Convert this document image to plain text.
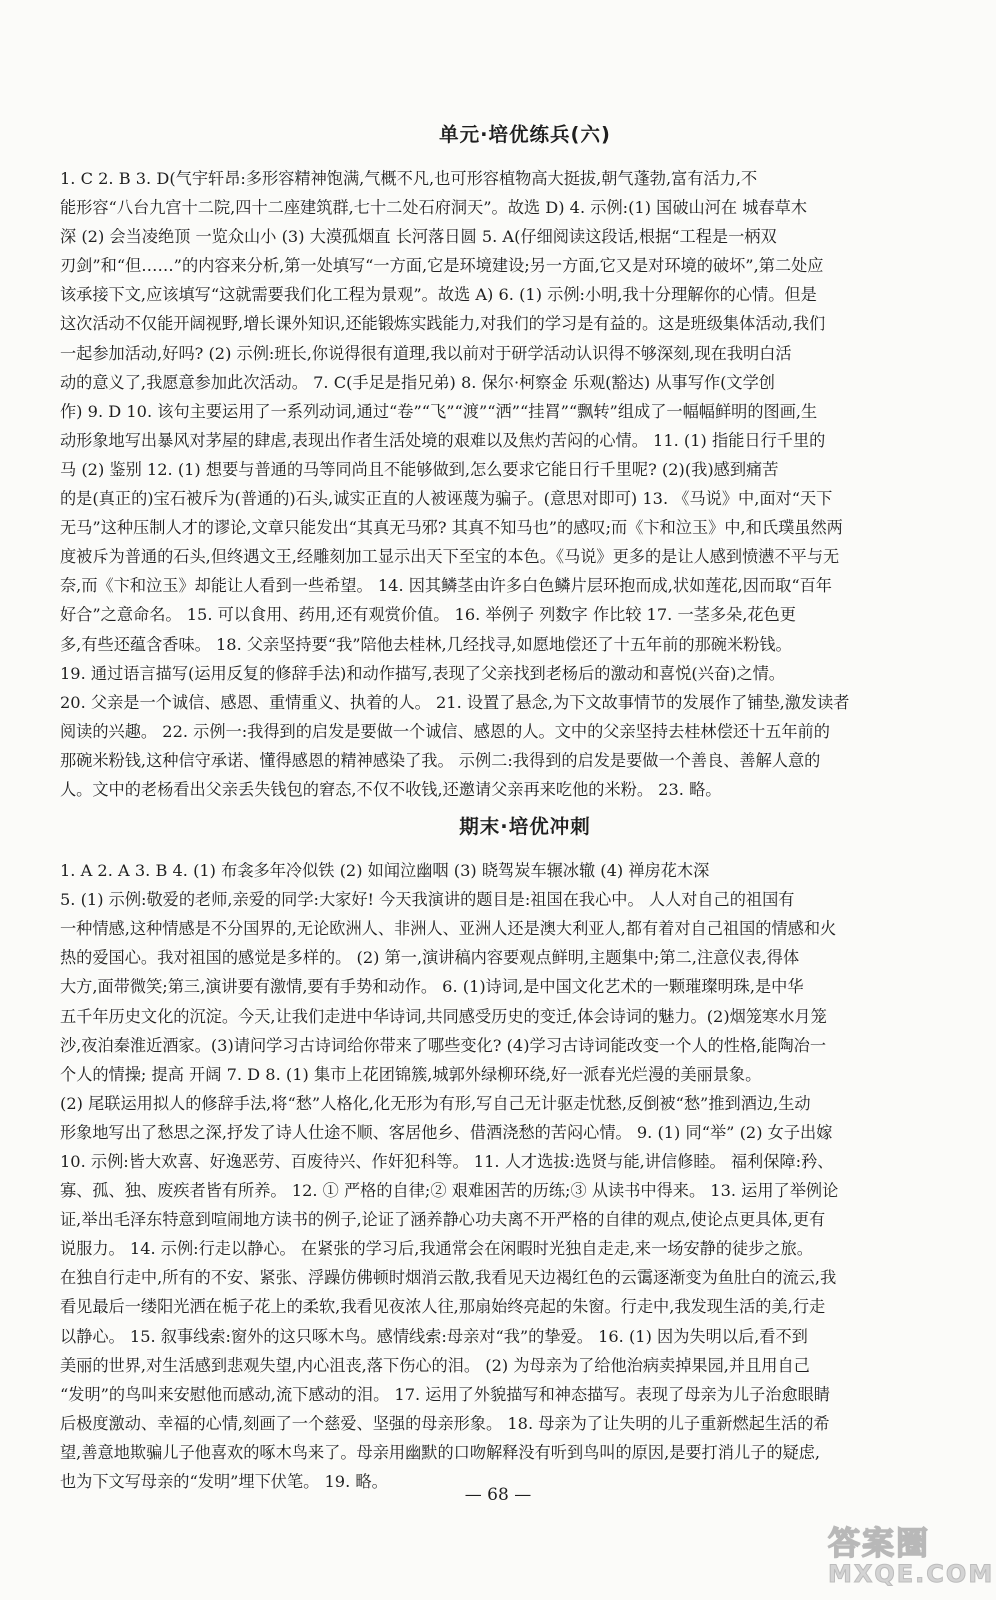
单元·培优练兵(六)
1. C 2. B 3. D(气宇轩昂:多形容精神饱满,气概不凡,也可形容植物高大挺拔,朝气蓬勃,富有活力,不
能形容“八台九宫十二院,四十二座建筑群,七十二处石府洞天”。故选 D) 4. 示例:(1) 国破山河在 城春草木
深 (2) 会当凌绝顶 一览众山小 (3) 大漠孤烟直 长河落日圆 5. A(仔细阅读这段话,根据“工程是一柄双
刃剑”和“但……”的内容来分析,第一处填写“一方面,它是环境建设;另一方面,它又是对环境的破坏”,第二处应
该承接下文,应该填写“这就需要我们化工程为景观”。故选 A) 6. (1) 示例:小明,我十分理解你的心情。但是
这次活动不仅能开阔视野,增长课外知识,还能锻炼实践能力,对我们的学习是有益的。这是班级集体活动,我们
一起参加活动,好吗? (2) 示例:班长,你说得很有道理,我以前对于研学活动认识得不够深刻,现在我明白活
动的意义了,我愿意参加此次活动。 7. C(手足是指兄弟) 8. 保尔·柯察金 乐观(豁达) 从事写作(文学创
作) 9. D 10. 该句主要运用了一系列动词,通过“卷”“飞”“渡”“洒”“挂罥”“飘转”组成了一幅幅鲜明的图画,生
动形象地写出暴风对茅屋的肆虐,表现出作者生活处境的艰难以及焦灼苦闷的心情。 11. (1) 指能日行千里的
马 (2) 鉴别 12. (1) 想要与普通的马等同尚且不能够做到,怎么要求它能日行千里呢? (2)(我)感到痛苦
的是(真正的)宝石被斥为(普通的)石头,诚实正直的人被诬蔑为骗子。(意思对即可) 13. 《马说》中,面对“天下
无马”这种压制人才的谬论,文章只能发出“其真无马邪? 其真不知马也”的感叹;而《卞和泣玉》中,和氏璞虽然两
度被斥为普通的石头,但终遇文王,经雕刻加工显示出天下至宝的本色。《马说》更多的是让人感到愤懑不平与无
奈,而《卞和泣玉》却能让人看到一些希望。 14. 因其鳞茎由许多白色鳞片层环抱而成,状如莲花,因而取“百年
好合”之意命名。 15. 可以食用、药用,还有观赏价值。 16. 举例子 列数字 作比较 17. 一茎多朵,花色更
多,有些还蕴含香味。 18. 父亲坚持要“我”陪他去桂林,几经找寻,如愿地偿还了十五年前的那碗米粉钱。
19. 通过语言描写(运用反复的修辞手法)和动作描写,表现了父亲找到老杨后的激动和喜悦(兴奋)之情。
20. 父亲是一个诚信、感恩、重情重义、执着的人。 21. 设置了悬念,为下文故事情节的发展作了铺垫,激发读者
阅读的兴趣。 22. 示例一:我得到的启发是要做一个诚信、感恩的人。文中的父亲坚持去桂林偿还十五年前的
那碗米粉钱,这种信守承诺、懂得感恩的精神感染了我。 示例二:我得到的启发是要做一个善良、善解人意的
人。文中的老杨看出父亲丢失钱包的窘态,不仅不收钱,还邀请父亲再来吃他的米粉。 23. 略。
期末·培优冲刺
1. A 2. A 3. B 4. (1) 布衾多年冷似铁 (2) 如闻泣幽咽 (3) 晓驾炭车辗冰辙 (4) 禅房花木深
5. (1) 示例:敬爱的老师,亲爱的同学:大家好! 今天我演讲的题目是:祖国在我心中。 人人对自己的祖国有
一种情感,这种情感是不分国界的,无论欧洲人、非洲人、亚洲人还是澳大利亚人,都有着对自己祖国的情感和火
热的爱国心。我对祖国的感觉是多样的。 (2) 第一,演讲稿内容要观点鲜明,主题集中;第二,注意仪表,得体
大方,面带微笑;第三,演讲要有激情,要有手势和动作。 6. (1)诗词,是中国文化艺术的一颗璀璨明珠,是中华
五千年历史文化的沉淀。今天,让我们走进中华诗词,共同感受历史的变迁,体会诗词的魅力。(2)烟笼寒水月笼
沙,夜泊秦淮近酒家。(3)请问学习古诗词给你带来了哪些变化? (4)学习古诗词能改变一个人的性格,能陶冶一
个人的情操; 提高 开阔 7. D 8. (1) 集市上花团锦簇,城郭外绿柳环绕,好一派春光烂漫的美丽景象。
(2) 尾联运用拟人的修辞手法,将“愁”人格化,化无形为有形,写自己无计驱走忧愁,反倒被“愁”推到酒边,生动
形象地写出了愁思之深,抒发了诗人仕途不顺、客居他乡、借酒浇愁的苦闷心情。 9. (1) 同“举” (2) 女子出嫁
10. 示例:皆大欢喜、好逸恶劳、百废待兴、作奸犯科等。 11. 人才选拔:选贤与能,讲信修睦。 福利保障:矜、
寡、孤、独、废疾者皆有所养。 12. ① 严格的自律;② 艰难困苦的历练;③ 从读书中得来。 13. 运用了举例论
证,举出毛泽东特意到喧闹地方读书的例子,论证了涵养静心功夫离不开严格的自律的观点,使论点更具体,更有
说服力。 14. 示例:行走以静心。 在紧张的学习后,我通常会在闲暇时光独自走走,来一场安静的徒步之旅。
在独自行走中,所有的不安、紧张、浮躁仿佛顿时烟消云散,我看见天边褐红色的云霭逐渐变为鱼肚白的流云,我
看见最后一缕阳光洒在栀子花上的柔软,我看见夜浓人往,那扇始终亮起的朱窗。行走中,我发现生活的美,行走
以静心。 15. 叙事线索:窗外的这只啄木鸟。感情线索:母亲对“我”的挚爱。 16. (1) 因为失明以后,看不到
美丽的世界,对生活感到悲观失望,内心沮丧,落下伤心的泪。 (2) 为母亲为了给他治病卖掉果园,并且用自己
“发明”的鸟叫来安慰他而感动,流下感动的泪。 17. 运用了外貌描写和神态描写。表现了母亲为儿子治愈眼睛
后极度激动、幸福的心情,刻画了一个慈爱、坚强的母亲形象。 18. 母亲为了让失明的儿子重新燃起生活的希
望,善意地欺骗儿子他喜欢的啄木鸟来了。母亲用幽默的口吻解释没有听到鸟叫的原因,是要打消儿子的疑虑,
也为下文写母亲的“发明”埋下伏笔。 19. 略。
— 68 —
答案圈
MXQE.COM
